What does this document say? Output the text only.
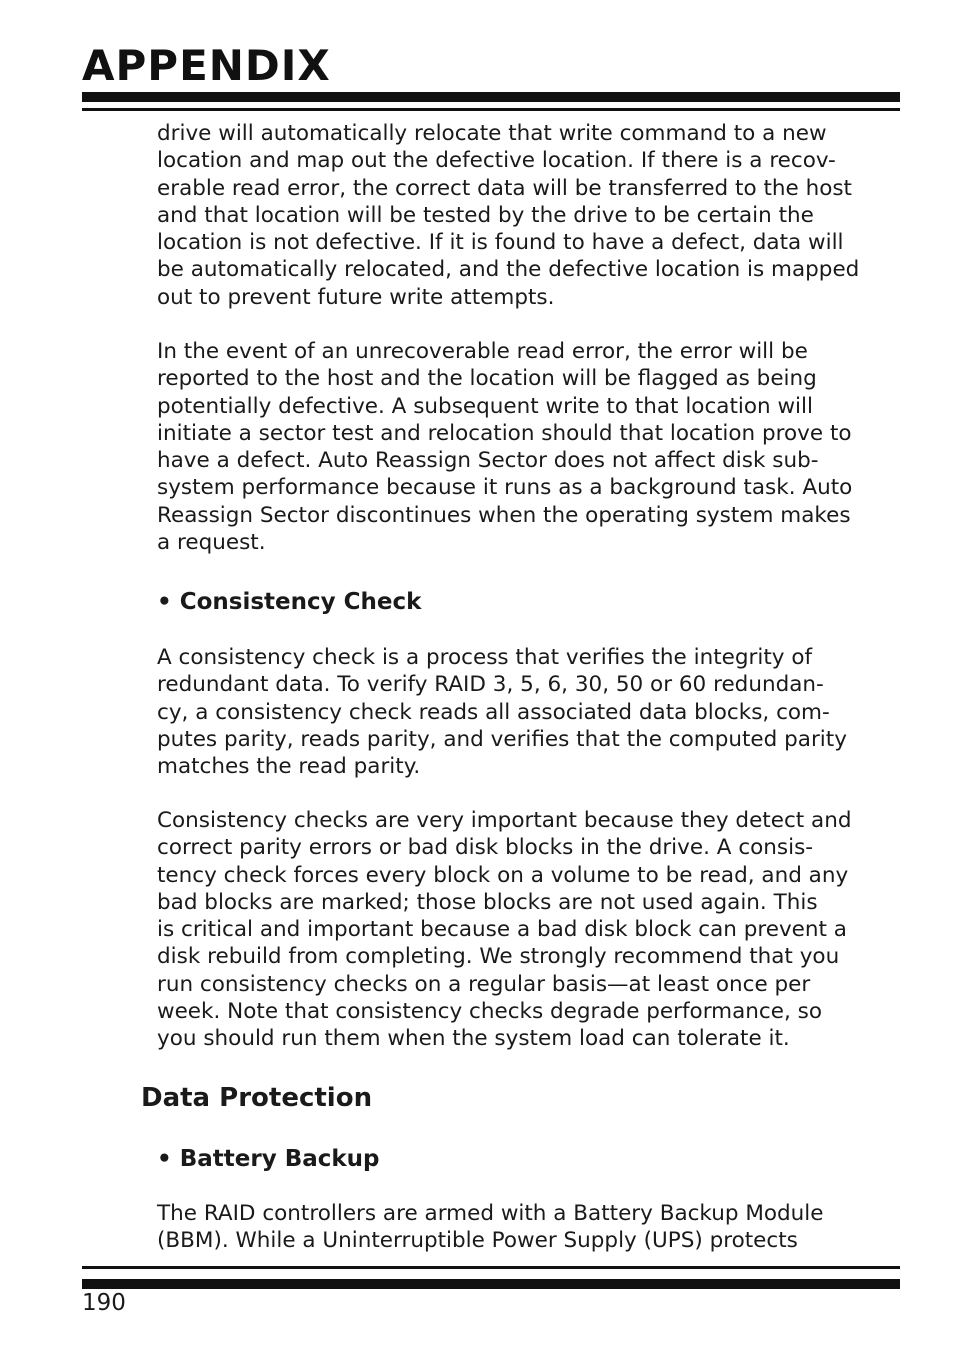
APPENDIX

drive will automatically relocate that write command to a new
location and map out the defective location. If there is a recov-
erable read error, the correct data will be transferred to the host
and that location will be tested by the drive to be certain the
location is not defective. If it is found to have a defect, data will
be automatically relocated, and the defective location is mapped
out to prevent future write attempts.

In the event of an unrecoverable read error, the error will be
reported to the host and the location will be flagged as being
potentially defective. A subsequent write to that location will
initiate a sector test and relocation should that location prove to
have a defect. Auto Reassign Sector does not affect disk sub-
system performance because it runs as a background task. Auto
Reassign Sector discontinues when the operating system makes
a request.

• Consistency Check

A consistency check is a process that verifies the integrity of
redundant data. To verify RAID 3, 5, 6, 30, 50 or 60 redundan-
cy, a consistency check reads all associated data blocks, com-
putes parity, reads parity, and verifies that the computed parity
matches the read parity.

Consistency checks are very important because they detect and
correct parity errors or bad disk blocks in the drive. A consis-
tency check forces every block on a volume to be read, and any
bad blocks are marked; those blocks are not used again. This
is critical and important because a bad disk block can prevent a
disk rebuild from completing. We strongly recommend that you
run consistency checks on a regular basis—at least once per
week. Note that consistency checks degrade performance, so
you should run them when the system load can tolerate it.

Data Protection
• Battery Backup

The RAID controllers are armed with a Battery Backup Module
(BBM). While a Uninterruptible Power Supply (UPS) protects

190
